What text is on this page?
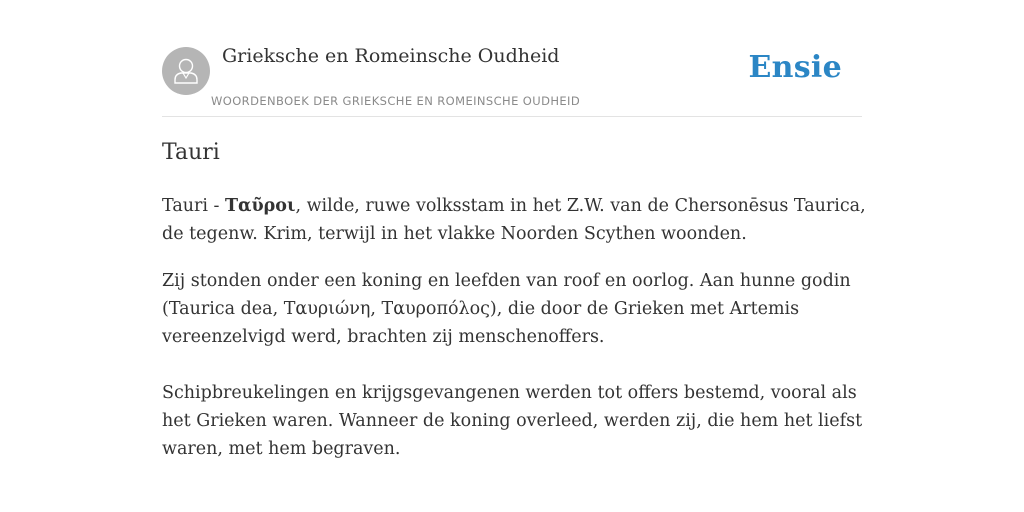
Grieksche en Romeinsche Oudheid
WOORDENBOEK DER GRIEKSCHE EN ROMEINSCHE OUDHEID
Ensie
Tauri

Tauri - Ταῦροι, wilde, ruwe volksstam in het Z.W. van de Chersonēsus Taurica, de tegenw. Krim, terwijl in het vlakke Noorden Scythen woonden.

Zij stonden onder een koning en leefden van roof en oorlog. Aan hunne godin (Taurica dea, Ταυριώνη, Ταυροπόλος), die door de Grieken met Artemis vereenzelvigd werd, brachten zij menschenoffers.

Schipbreukelingen en krijgsgevangenen werden tot offers bestemd, vooral als het Grieken waren. Wanneer de koning overleed, werden zij, die hem het liefst waren, met hem begraven.
